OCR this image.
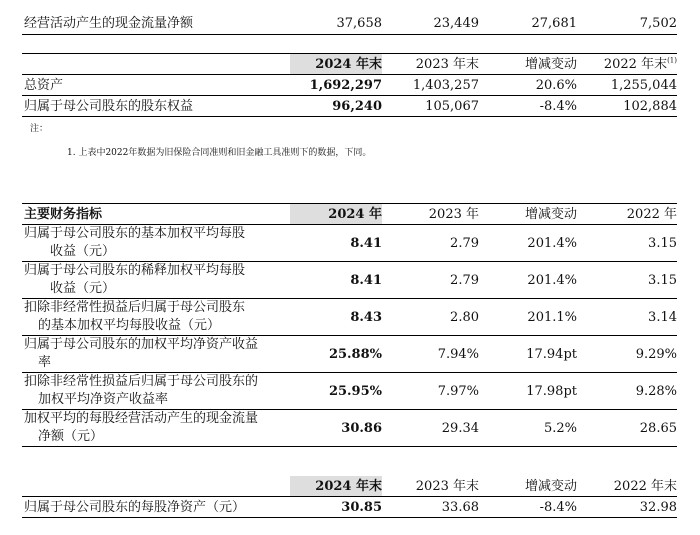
经营活动产生的现金流量净额	37,658	23,449	27,681	7,502
	2024 年末	2023 年末	增减变动	2022 年末$^{(1)}$
总资产	1,692,297	1,403,257	20.6%	1,255,044
归属于母公司股东的股东权益	96,240	105,067	-8.4%	102,884
注：
1. 上表中2022年数据为旧保险合同准则和旧金融工具准则下的数据，下同。
主要财务指标	2024 年	2023 年	增减变动	2022 年

归属于母公司股东的基本加权平均每股
收益（元）	8.41	2.79	201.4%	3.15

归属于母公司股东的稀释加权平均每股
收益（元）	8.41	2.79	201.4%	3.15

扣除非经常性损益后归属于母公司股东
的基本加权平均每股收益（元）	8.43	2.80	201.1%	3.14

归属于母公司股东的加权平均净资产收益
率	25.88%	7.94%	17.94pt	9.29%

扣除非经常性损益后归属于母公司股东的
加权平均净资产收益率	25.95%	7.97%	17.98pt	9.28%

加权平均的每股经营活动产生的现金流量
净额（元）	30.86	29.34	5.2%	28.65
	2024 年末	2023 年末	增减变动	2022 年末
归属于母公司股东的每股净资产（元）	30.85	33.68	-8.4%	32.98
